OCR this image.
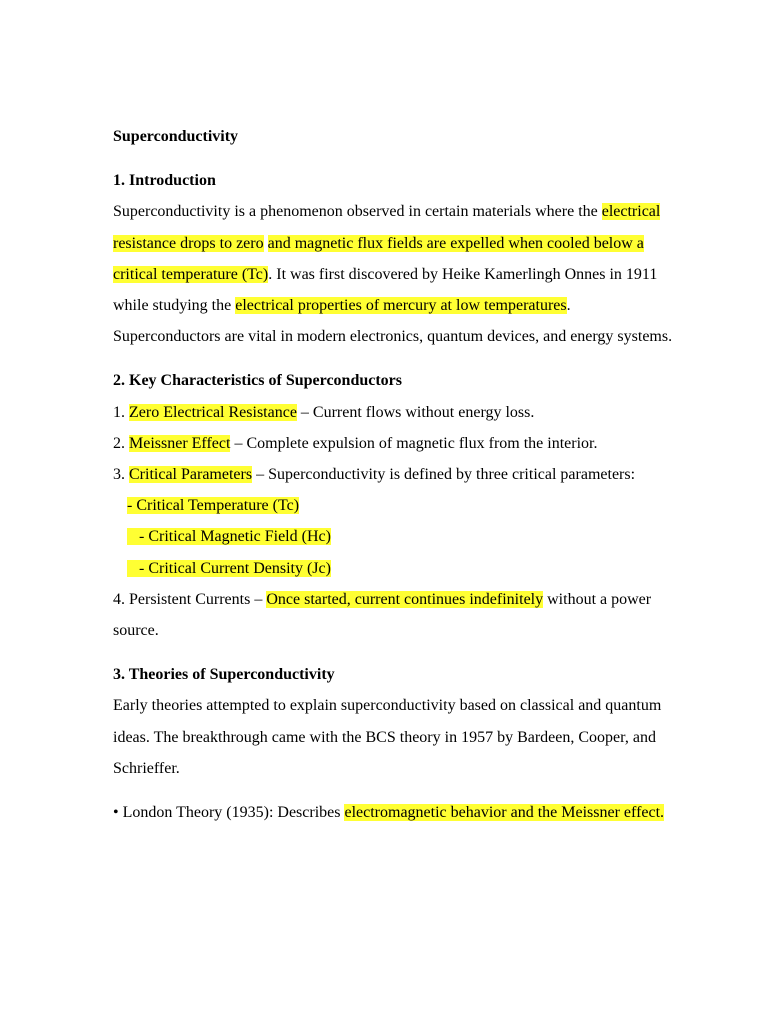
Superconductivity
1. Introduction

Superconductivity is a phenomenon observed in certain materials where the electrical resistance drops to zero and magnetic flux fields are expelled when cooled below a critical temperature (Tc). It was first discovered by Heike Kamerlingh Onnes in 1911 while studying the electrical properties of mercury at low temperatures. Superconductors are vital in modern electronics, quantum devices, and energy systems.

2. Key Characteristics of Superconductors

1. Zero Electrical Resistance – Current flows without energy loss.

2. Meissner Effect – Complete expulsion of magnetic flux from the interior.

3. Critical Parameters – Superconductivity is defined by three critical parameters:

- Critical Temperature (Tc)

- Critical Magnetic Field (Hc)

- Critical Current Density (Jc)

4. Persistent Currents – Once started, current continues indefinitely without a power source.

3. Theories of Superconductivity

Early theories attempted to explain superconductivity based on classical and quantum ideas. The breakthrough came with the BCS theory in 1957 by Bardeen, Cooper, and Schrieffer.

• London Theory (1935): Describes electromagnetic behavior and the Meissner effect.
